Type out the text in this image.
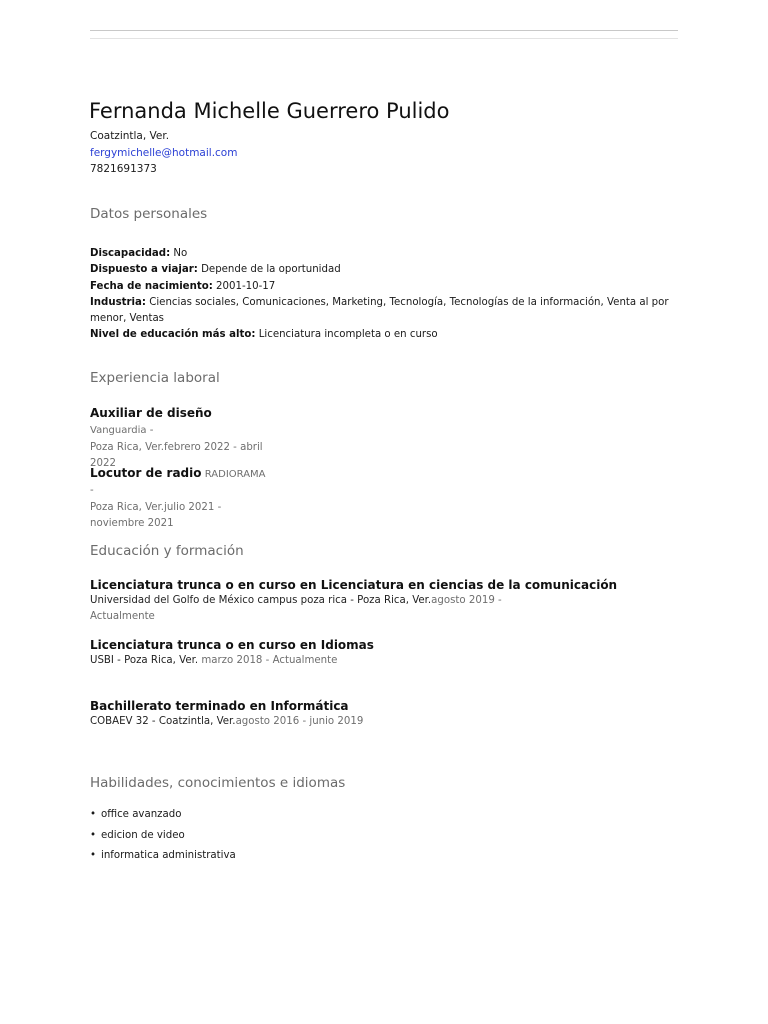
Fernanda Michelle Guerrero Pulido
Coatzintla, Ver.
fergymichelle@hotmail.com
7821691373
Datos personales
Discapacidad: No
Dispuesto a viajar: Depende de la oportunidad
Fecha de nacimiento: 2001-10-17
Industria: Ciencias sociales, Comunicaciones, Marketing, Tecnología, Tecnologías de la información, Venta al por menor, Ventas
Nivel de educación más alto: Licenciatura incompleta o en curso
Experiencia laboral
Auxiliar de diseño Vanguardia -
Poza Rica, Ver.febrero 2022 - abril 2022
Locutor de radio RADIORAMA -
Poza Rica, Ver.julio 2021 - noviembre 2021
Educación y formación
Licenciatura trunca o en curso en Licenciatura en ciencias de la comunicación
Universidad del Golfo de México campus poza rica - Poza Rica, Ver.agosto 2019 - Actualmente
Licenciatura trunca o en curso en Idiomas
USBI - Poza Rica, Ver. marzo 2018 - Actualmente
Bachillerato terminado en Informática
COBAEV 32 - Coatzintla, Ver.agosto 2016 - junio 2019
Habilidades, conocimientos e idiomas
• office avanzado
• edicion de video
• informatica administrativa
